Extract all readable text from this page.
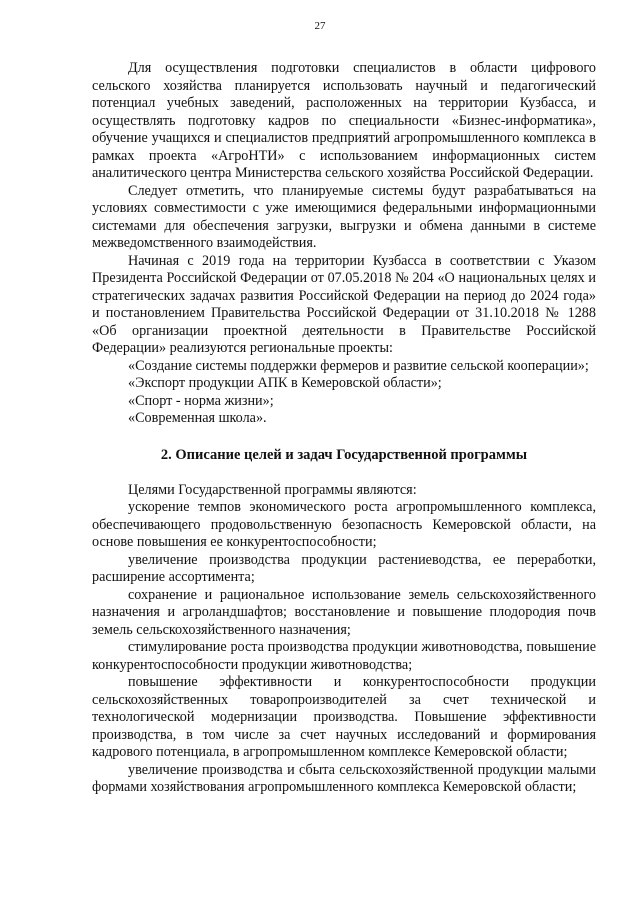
27

Для осуществления подготовки специалистов в области цифрового сельского хозяйства планируется использовать научный и педагогический потенциал учебных заведений, расположенных на территории Кузбасса, и осуществлять подготовку кадров по специальности «Бизнес-информатика», обучение учащихся и специалистов предприятий агропромышленного комплекса в рамках проекта «АгроНТИ» с использованием информационных систем аналитического центра Министерства сельского хозяйства Российской Федерации.

Следует отметить, что планируемые системы будут разрабатываться на условиях совместимости с уже имеющимися федеральными информационными системами для обеспечения загрузки, выгрузки и обмена данными в системе межведомственного взаимодействия.

Начиная с 2019 года на территории Кузбасса в соответствии с Указом Президента Российской Федерации от 07.05.2018 № 204 «О национальных целях и стратегических задачах развития Российской Федерации на период до 2024 года» и постановлением Правительства Российской Федерации от 31.10.2018 № 1288 «Об организации проектной деятельности в Правительстве Российской Федерации» реализуются региональные проекты:

«Создание системы поддержки фермеров и развитие сельской кооперации»;

«Экспорт продукции АПК в Кемеровской области»;

«Спорт - норма жизни»;

«Современная школа».

2. Описание целей и задач Государственной программы

Целями Государственной программы являются:

ускорение темпов экономического роста агропромышленного комплекса, обеспечивающего продовольственную безопасность Кемеровской области, на основе повышения ее конкурентоспособности;

увеличение производства продукции растениеводства, ее переработки, расширение ассортимента;

сохранение и рациональное использование земель сельскохозяйственного назначения и агроландшафтов; восстановление и повышение плодородия почв земель сельскохозяйственного назначения;

стимулирование роста производства продукции животноводства, повышение конкурентоспособности продукции животноводства;

повышение эффективности и конкурентоспособности продукции сельскохозяйственных товаропроизводителей за счет технической и технологической модернизации производства. Повышение эффективности производства, в том числе за счет научных исследований и формирования кадрового потенциала, в агропромышленном комплексе Кемеровской области;

увеличение производства и сбыта сельскохозяйственной продукции малыми формами хозяйствования агропромышленного комплекса Кемеровской области;
